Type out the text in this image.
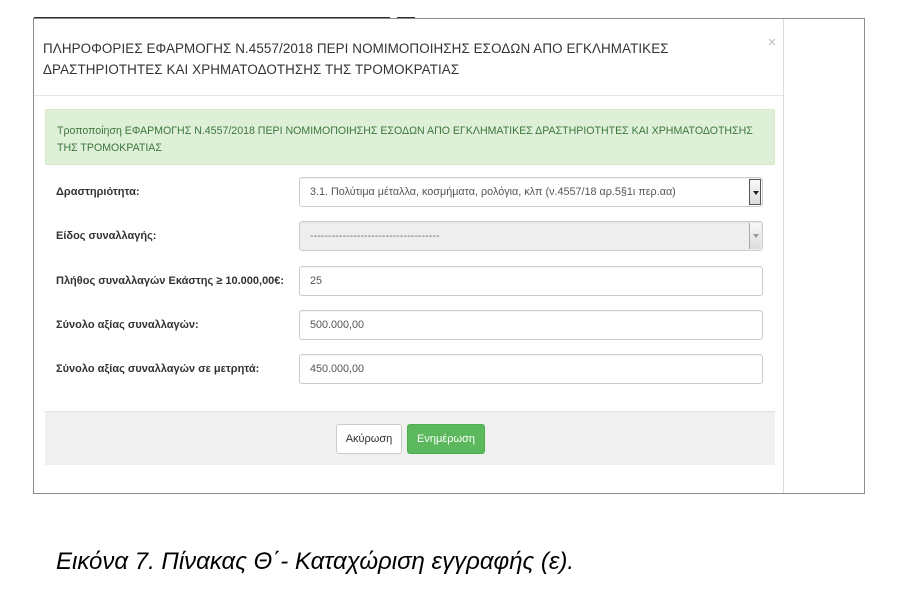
ΠΛΗΡΟΦΟΡΙΕΣ ΕΦΑΡΜΟΓΗΣ Ν.4557/2018 ΠΕΡΙ ΝΟΜΙΜΟΠΟΙΗΣΗΣ ΕΣΟΔΩΝ ΑΠΟ ΕΓΚΛΗΜΑΤΙΚΕΣ ΔΡΑΣΤΗΡΙΟΤΗΤΕΣ ΚΑΙ ΧΡΗΜΑΤΟΔΟΤΗΣΗΣ ΤΗΣ ΤΡΟΜΟΚΡΑΤΙΑΣ
×
Τροποποίηση ΕΦΑΡΜΟΓΗΣ Ν.4557/2018 ΠΕΡΙ ΝΟΜΙΜΟΠΟΙΗΣΗΣ ΕΣΟΔΩΝ ΑΠΟ ΕΓΚΛΗΜΑΤΙΚΕΣ ΔΡΑΣΤΗΡΙΟΤΗΤΕΣ ΚΑΙ ΧΡΗΜΑΤΟΔΟΤΗΣΗΣ ΤΗΣ ΤΡΟΜΟΚΡΑΤΙΑΣ
Δραστηριότητα:	3.1. Πολύτιμα μέταλλα, κοσμήματα, ρολόγια, κλπ (ν.4557/18 αρ.5§1ι περ.αα)
Είδος συναλλαγής:	------------------------------------
Πλήθος συναλλαγών Εκάστης ≥ 10.000,00€:	25
Σύνολο αξίας συναλλαγών:	500.000,00
Σύνολο αξίας συναλλαγών σε μετρητά:	450.000,00
Ακύρωση	Ενημέρωση
Εικόνα 7. Πίνακας Θ΄- Καταχώριση εγγραφής (ε).
